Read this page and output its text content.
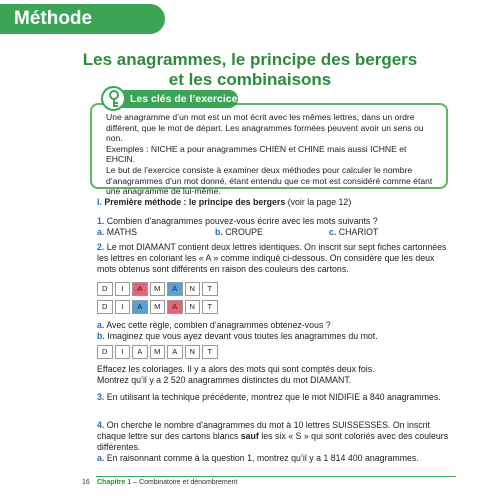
Méthode
Les anagrammes, le principe des bergers
et les combinaisons

Une anagramme d’un mot est un mot écrit avec les mêmes lettres, dans un ordre différent, que le mot de départ. Les anagrammes formées peuvent avoir un sens ou non.

Exemples : NICHE a pour anagrammes CHIEN et CHINE mais aussi ICHNE et EHCIN.

Le but de l’exercice consiste à examiner deux méthodes pour calculer le nombre d’anagrammes d’un mot donné, étant entendu que ce mot est considéré comme étant une anagramme de lui-même.

Les clés de l’exercice
I. Première méthode : le principe des bergers (voir la page 12)
1. Combien d’anagrammes pouvez-vous écrire avec les mots suivants ?
a. MATHS	b. CROUPE	c. CHARIOT
2. Le mot DIAMANT contient deux lettres identiques. On inscrit sur sept fiches cartonnées les lettres en coloriant les « A » comme indiqué ci-dessous. On considère que les deux mots obtenus sont différents en raison des couleurs des cartons.
D	I	A	M	A	N	T
D	I	A	M	A	N	T
a. Avec cette règle, combien d’anagrammes obtenez-vous ?
b. Imaginez que vous ayez devant vous toutes les anagrammes du mot.
D	I	A	M	A	N	T
Effacez les coloriages. Il y a alors des mots qui sont comptés deux fois.
Montrez qu’il y a 2 520 anagrammes distinctes du mot DIAMANT.
3. En utilisant la technique précédente, montrez que le mot NIDIFIE a 840 anagrammes.
4. On cherche le nombre d’anagrammes du mot à 10 lettres SUISSESSES. On inscrit chaque lettre sur des cartons blancs sauf les six « S » qui sont coloriés avec des couleurs différentes.
a. En raisonnant comme à la question 1, montrez qu’il y a 1 814 400 anagrammes.
16 Chapitre 1 – Combinatoire et dénombrement
